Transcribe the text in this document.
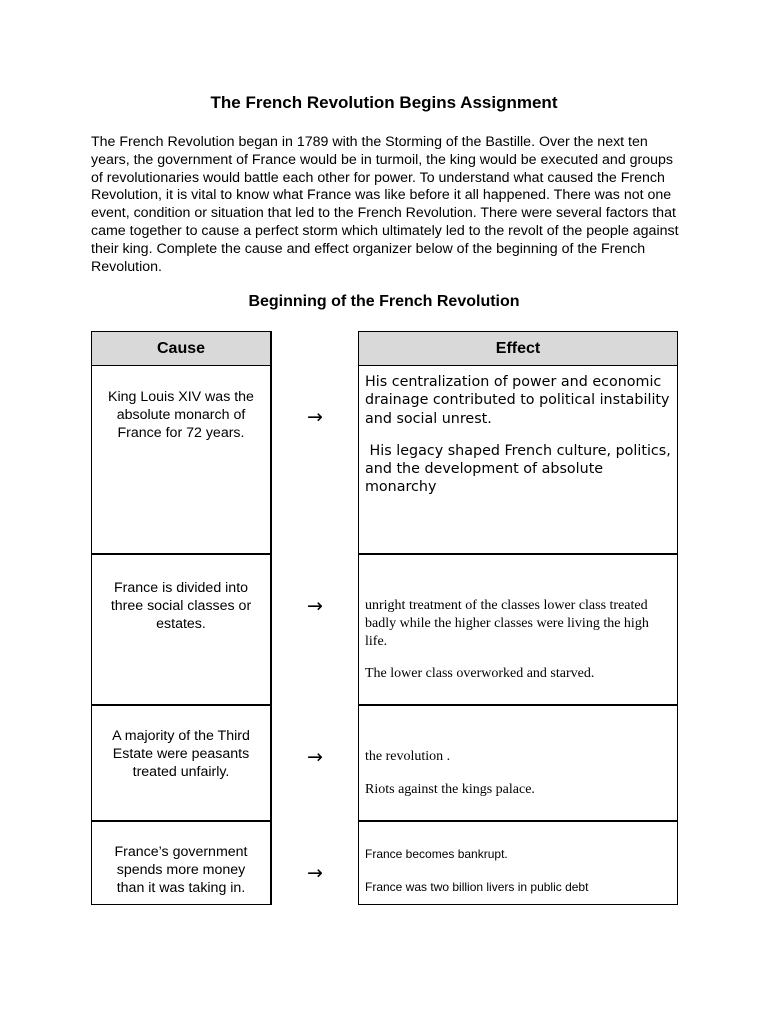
The French Revolution Begins Assignment
The French Revolution began in 1789 with the Storming of the Bastille. Over the next ten years, the government of France would be in turmoil, the king would be executed and groups of revolutionaries would battle each other for power. To understand what caused the French Revolution, it is vital to know what France was like before it all happened. There was not one event, condition or situation that led to the French Revolution. There were several factors that came together to cause a perfect storm which ultimately led to the revolt of the people against their king. Complete the cause and effect organizer below of the beginning of the French Revolution.
Beginning of the French Revolution
Cause
King Louis XIV was the absolute monarch of France for 72 years.
France is divided into three social classes or estates.
A majority of the Third Estate were peasants treated unfairly.
France’s government spends more money than it was taking in.
→
→
→
→
Effect

His centralization of power and economic drainage contributed to political instability and social unrest.

His legacy shaped French culture, politics, and the development of absolute monarchy

unright treatment of the classes lower class treated badly while the higher classes were living the high life.

The lower class overworked and starved.

the revolution .

Riots against the kings palace.

France becomes bankrupt.

France was two billion livers in public debt
